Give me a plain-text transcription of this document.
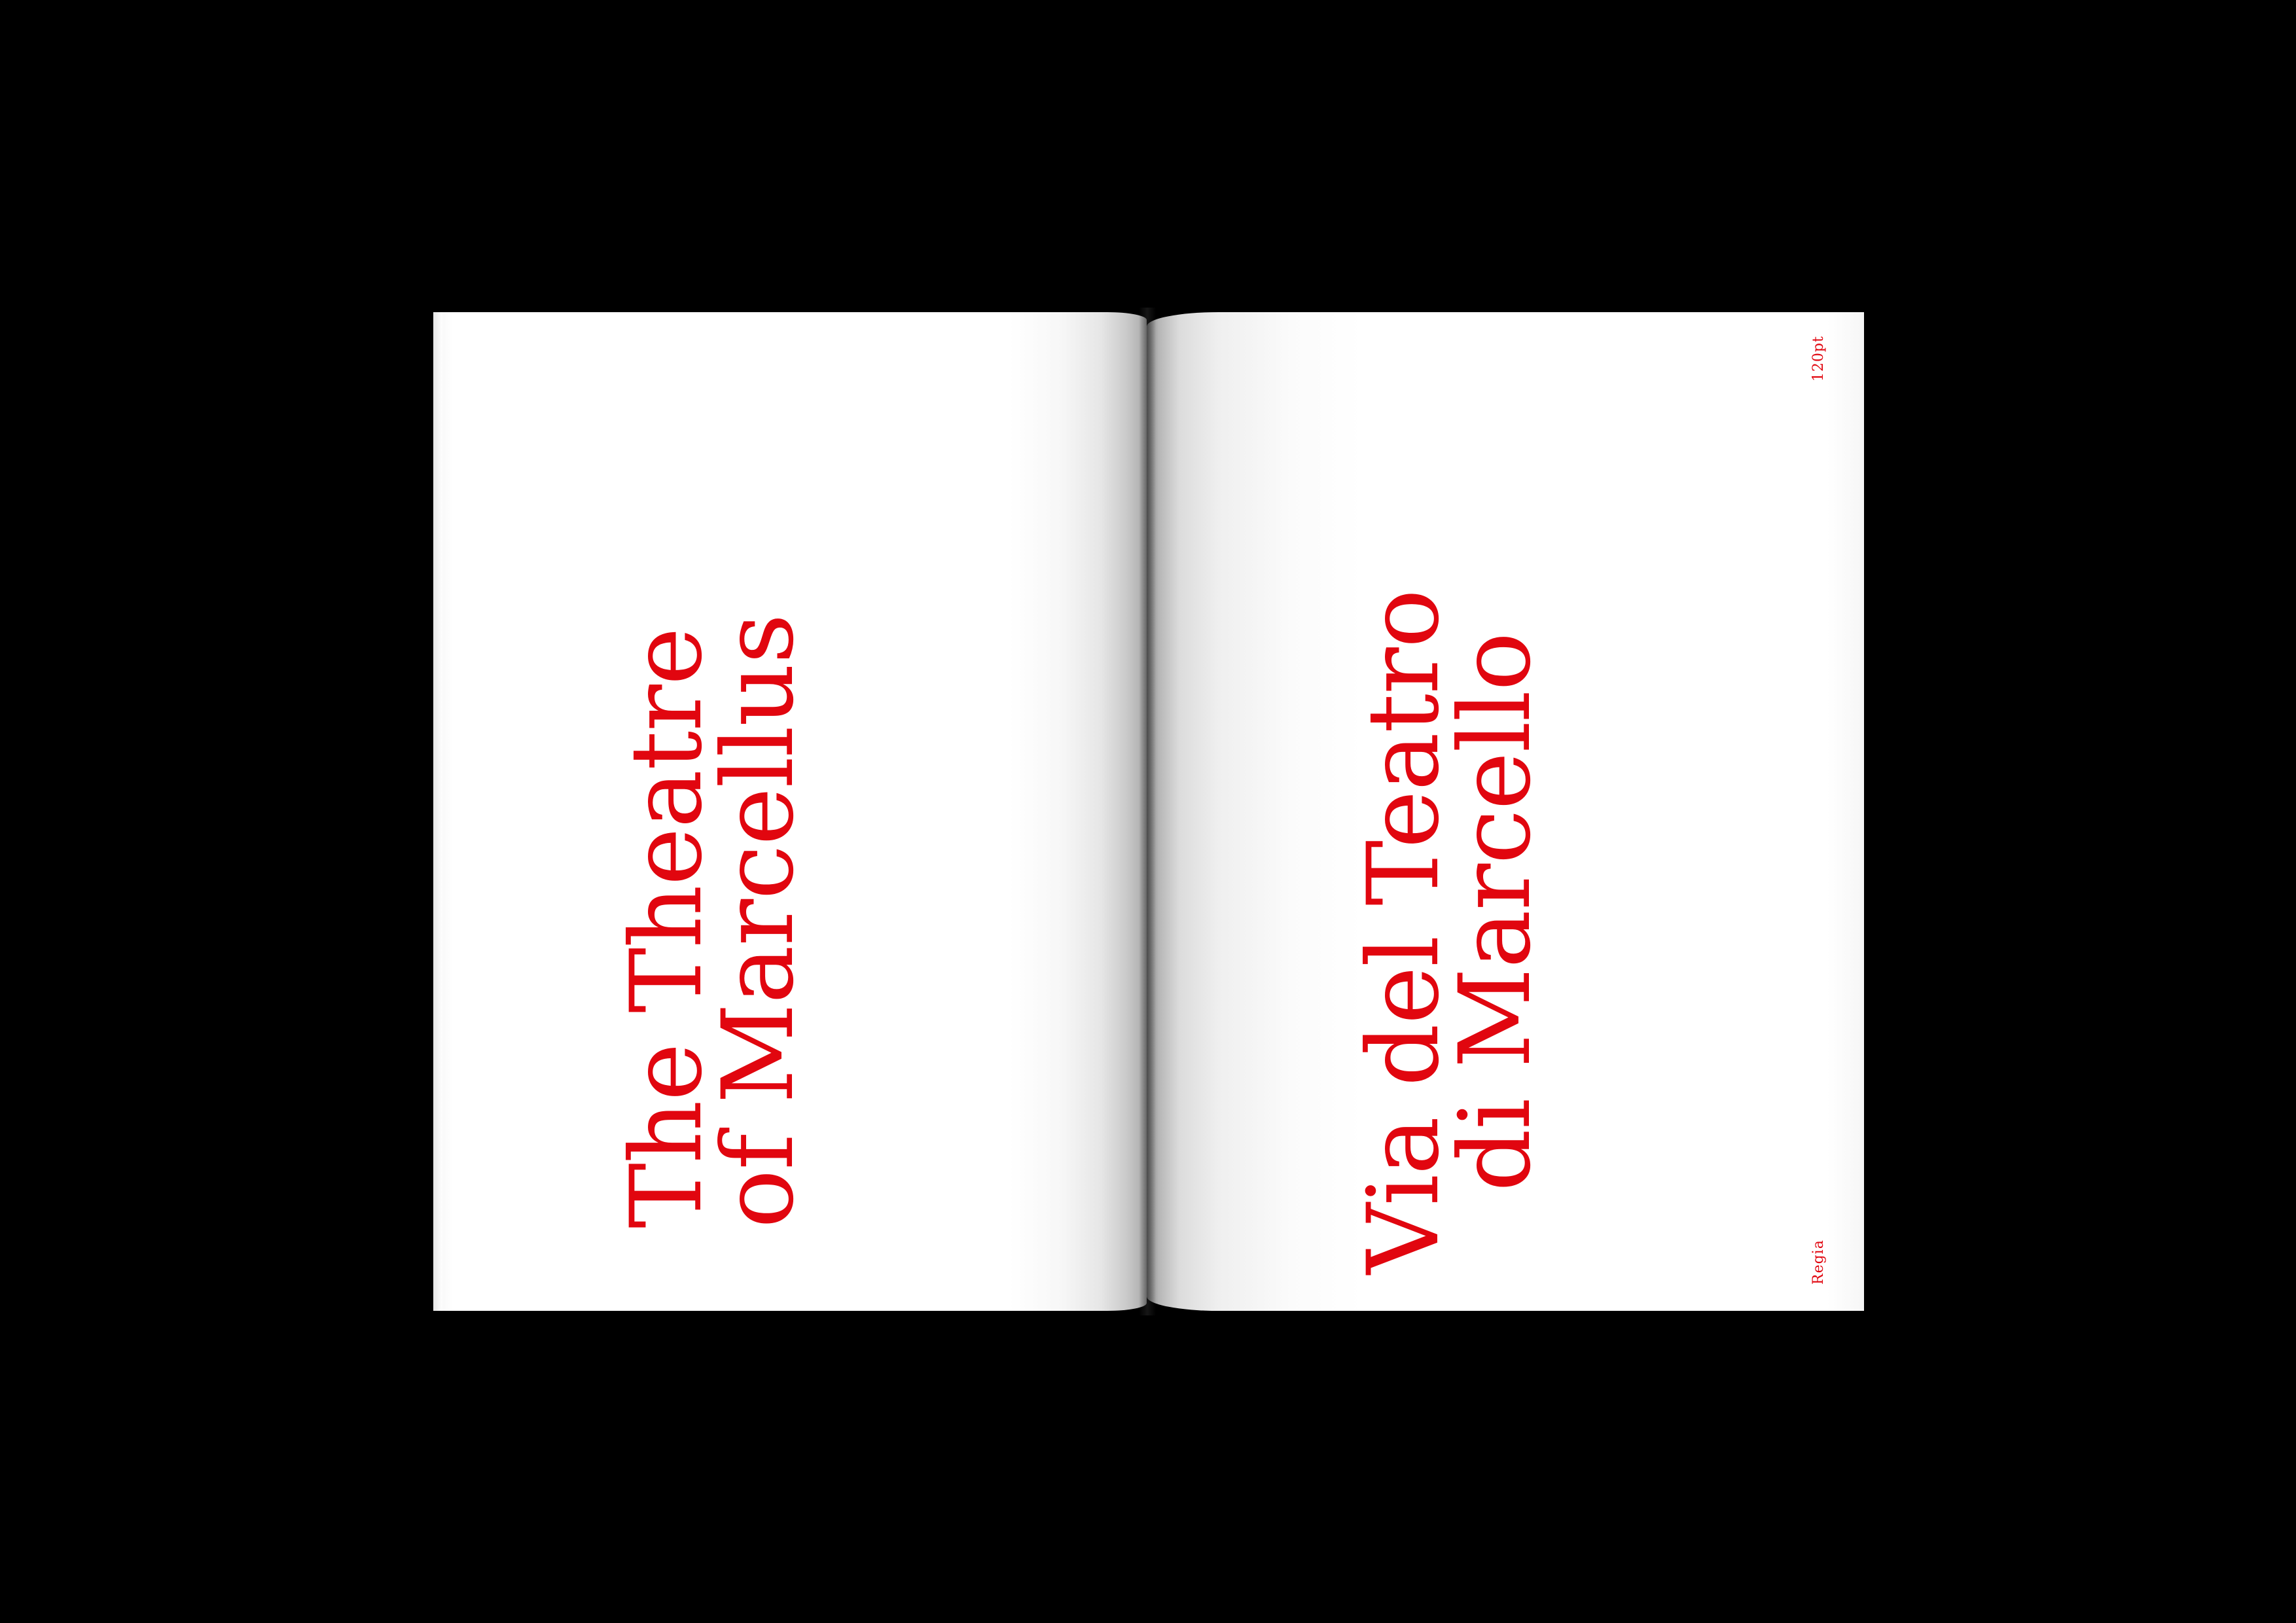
The Theatre
of Marcellus	Via del Teatro
di Marcello
120pt
Regia
